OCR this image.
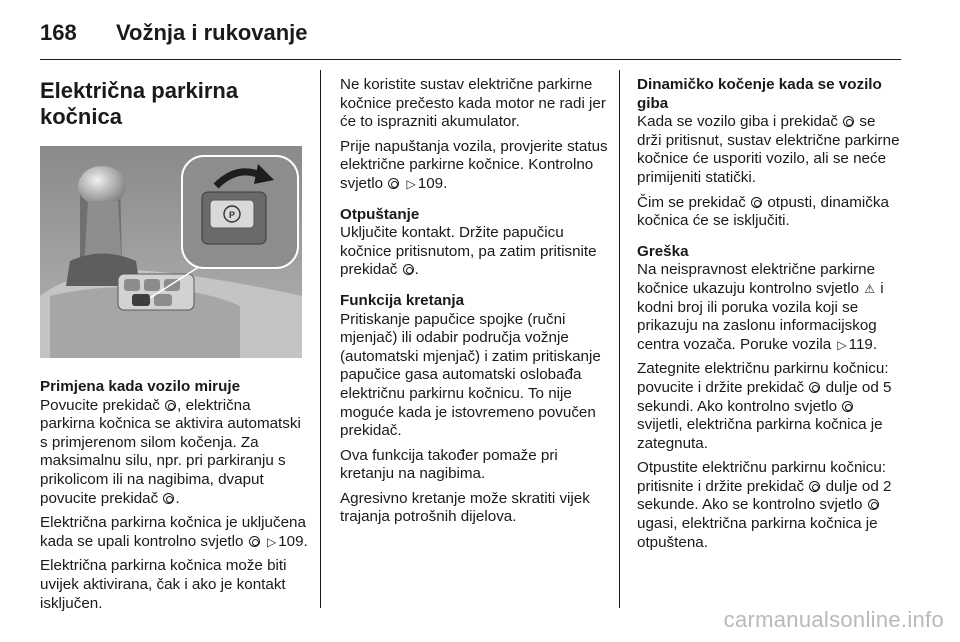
168	Vožnja i rukovanje
Električna parkirna kočnica
P
Primjena kada vozilo miruje

Povucite prekidač , električna parkirna kočnica se aktivira automatski s primjerenom silom kočenja. Za maksimalnu silu, npr. pri parkiranju s prikolicom ili na nagibima, dvaput povucite prekidač .

Električna parkirna kočnica je uključena kada se upali kontrolno svjetlo ▷ 109.

Električna parkirna kočnica može biti uvijek aktivirana, čak i ako je kontakt isključen.

Ne koristite sustav električne parkirne kočnice prečesto kada motor ne radi jer će to isprazniti akumulator.

Prije napuštanja vozila, provjerite status električne parkirne kočnice. Kontrolno svjetlo ▷ 109.

Otpuštanje

Uključite kontakt. Držite papučicu kočnice pritisnutom, pa zatim pritisnite prekidač .

Funkcija kretanja

Pritiskanje papučice spojke (ručni mjenjač) ili odabir područja vožnje (automatski mjenjač) i zatim pritiskanje papučice gasa automatski oslobađa električnu parkirnu kočnicu. To nije moguće kada je istovremeno povučen prekidač.

Ova funkcija također pomaže pri kretanju na nagibima.

Agresivno kretanje može skratiti vijek trajanja potrošnih dijelova.

Dinamičko kočenje kada se vozilo giba

Kada se vozilo giba i prekidač  se drži pritisnut, sustav električne parkirne kočnice će usporiti vozilo, ali se neće primijeniti statički.

Čim se prekidač  otpusti, dinamička kočnica će se isključiti.

Greška

Na neispravnost električne parkirne kočnice ukazuju kontrolno svjetlo ⚠ i kodni broj ili poruka vozila koji se prikazuju na zaslonu informacijskog centra vozača. Poruke vozila ▷ 119.

Zategnite električnu parkirnu kočnicu: povucite i držite prekidač  dulje od 5 sekundi. Ako kontrolno svjetlo  svijetli, električna parkirna kočnica je zategnuta.

Otpustite električnu parkirnu kočnicu: pritisnite i držite prekidač  dulje od 2 sekunde. Ako se kontrolno svjetlo  ugasi, električna parkirna kočnica je otpuštena.

carmanualsonline.info
